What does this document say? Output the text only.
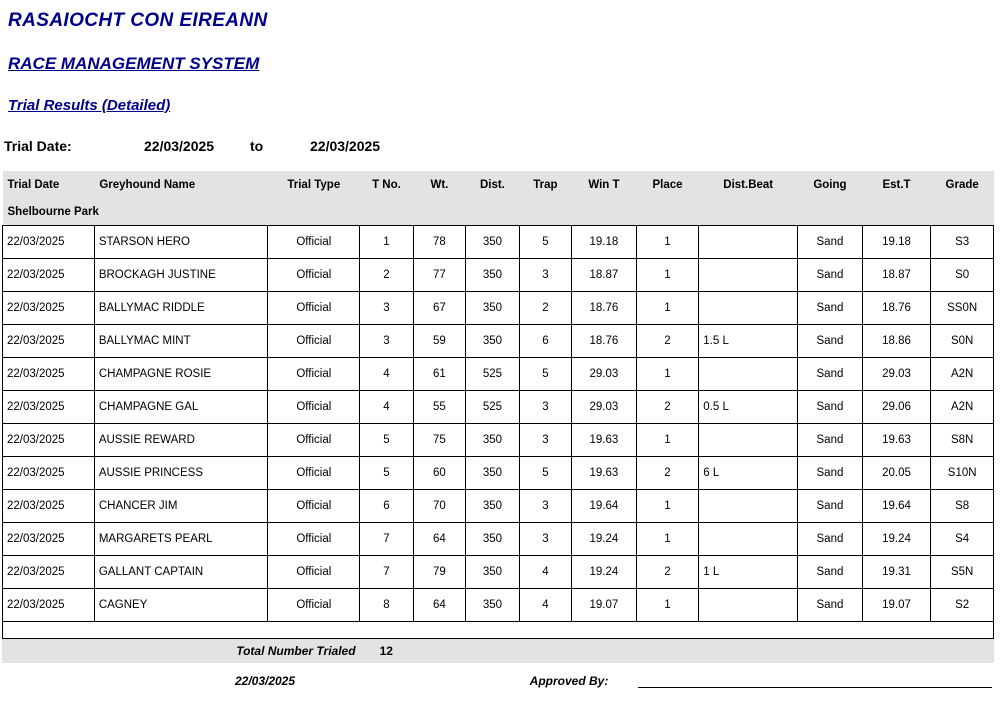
RASAIOCHT CON EIREANN
RACE MANAGEMENT SYSTEM
Trial Results (Detailed)
Trial Date:	22/03/2025	to	22/03/2025
Trial Date	Greyhound Name	Trial Type	T No.	Wt.	Dist.	Trap	Win T	Place	Dist.Beat	Going	Est.T	Grade
Shelbourne Park												
22/03/2025	STARSON HERO	Official	1	78	350	5	19.18	1		Sand	19.18	S3
22/03/2025	BROCKAGH JUSTINE	Official	2	77	350	3	18.87	1		Sand	18.87	S0
22/03/2025	BALLYMAC RIDDLE	Official	3	67	350	2	18.76	1		Sand	18.76	SS0N
22/03/2025	BALLYMAC MINT	Official	3	59	350	6	18.76	2	1.5 L	Sand	18.86	S0N
22/03/2025	CHAMPAGNE ROSIE	Official	4	61	525	5	29.03	1		Sand	29.03	A2N
22/03/2025	CHAMPAGNE GAL	Official	4	55	525	3	29.03	2	0.5 L	Sand	29.06	A2N
22/03/2025	AUSSIE REWARD	Official	5	75	350	3	19.63	1		Sand	19.63	S8N
22/03/2025	AUSSIE PRINCESS	Official	5	60	350	5	19.63	2	6 L	Sand	20.05	S10N
22/03/2025	CHANCER JIM	Official	6	70	350	3	19.64	1		Sand	19.64	S8
22/03/2025	MARGARETS PEARL	Official	7	64	350	3	19.24	1		Sand	19.24	S4
22/03/2025	GALLANT CAPTAIN	Official	7	79	350	4	19.24	2	1 L	Sand	19.31	S5N
22/03/2025	CAGNEY	Official	8	64	350	4	19.07	1		Sand	19.07	S2
	Total Number Trialed	12	
	22/03/2025		Approved By:	
